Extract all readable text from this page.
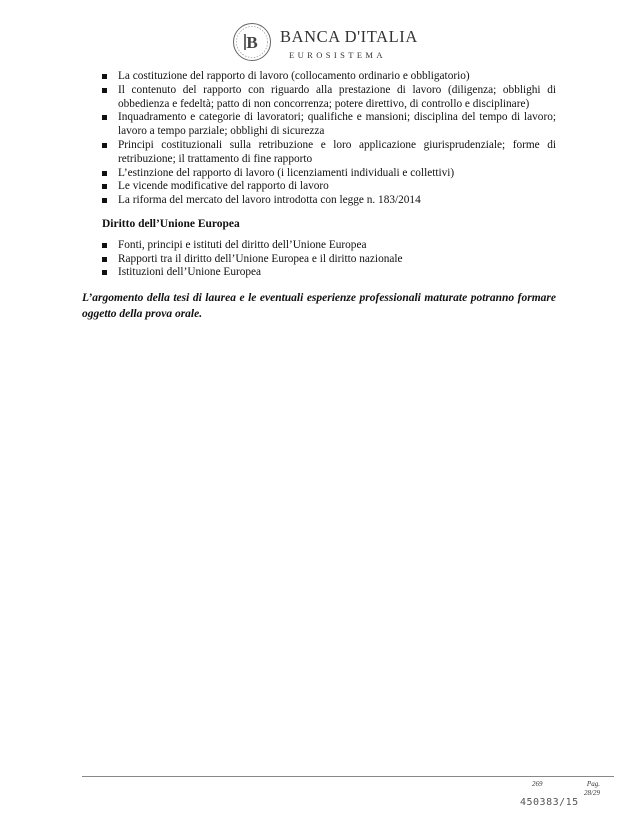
B BANCA D'ITALIA
EUROSISTEMA
La costituzione del rapporto di lavoro (collocamento ordinario e obbligatorio)
Il contenuto del rapporto con riguardo alla prestazione di lavoro (diligenza; obblighi di obbedienza e fedeltà; patto di non concorrenza; potere direttivo, di controllo e disciplinare)
Inquadramento e categorie di lavoratori; qualifiche e mansioni; disciplina del tempo di lavoro; lavoro a tempo parziale; obblighi di sicurezza
Principi costituzionali sulla retribuzione e loro applicazione giurisprudenziale; forme di retribuzione; il trattamento di fine rapporto
L’estinzione del rapporto di lavoro (i licenziamenti individuali e collettivi)
Le vicende modificative del rapporto di lavoro
La riforma del mercato del lavoro introdotta con legge n. 183/2014
Diritto dell’Unione Europea
Fonti, principi e istituti del diritto dell’Unione Europea
Rapporti tra il diritto dell’Unione Europea e il diritto nazionale
Istituzioni dell’Unione Europea
L’argomento della tesi di laurea e le eventuali esperienze professionali maturate potranno formare oggetto della prova orale.
269	Pag.
28/29
450383/15
